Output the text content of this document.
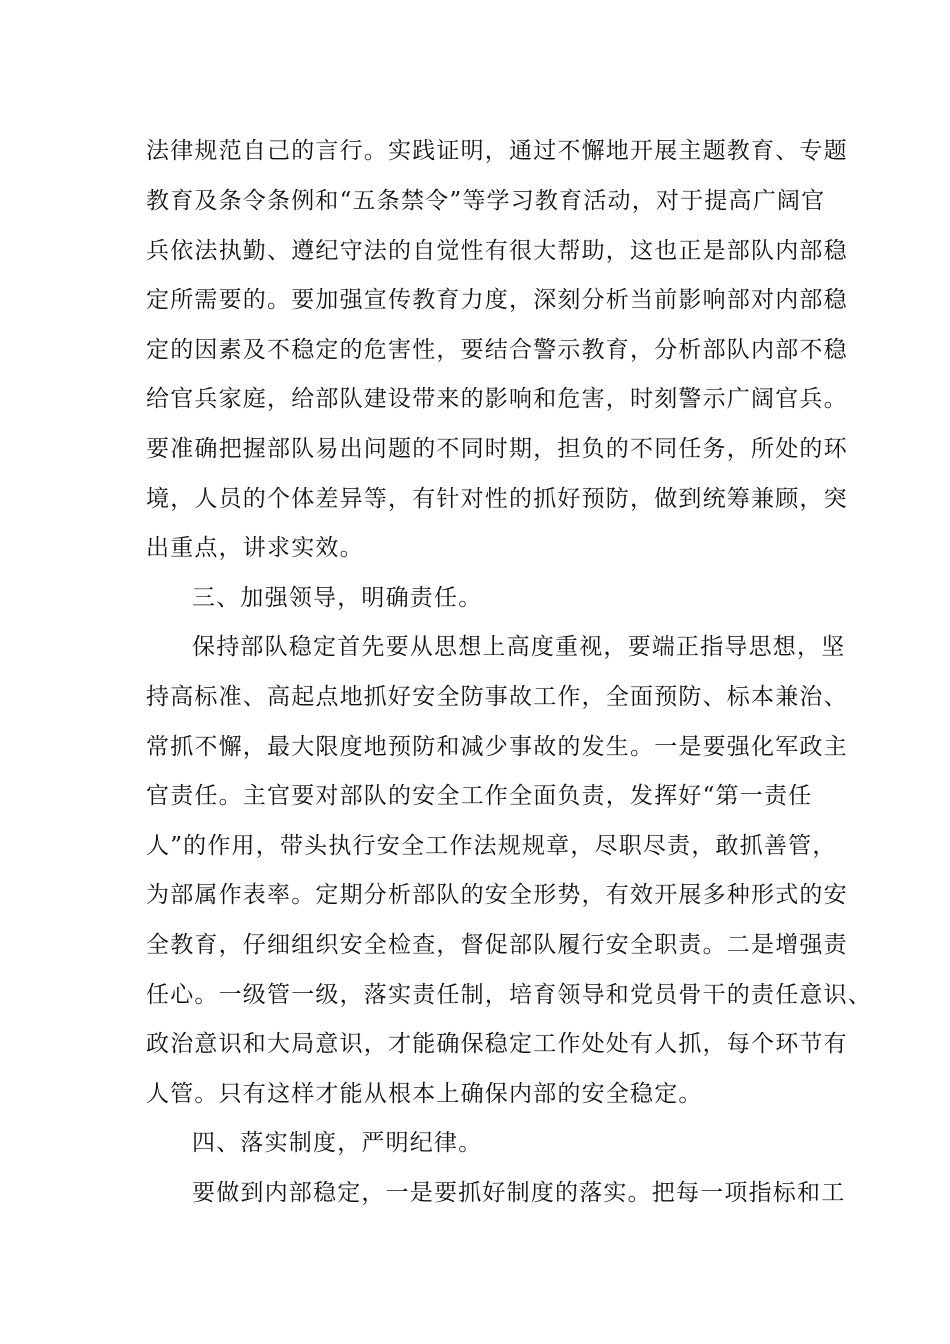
法律规范自己的言行。实践证明，通过不懈地开展主题教育、专题
教育及条令条例和“五条禁令”等学习教育活动，对于提高广阔官
兵依法执勤、遵纪守法的自觉性有很大帮助，这也正是部队内部稳
定所需要的。要加强宣传教育力度，深刻分析当前影响部对内部稳
定的因素及不稳定的危害性，要结合警示教育，分析部队内部不稳
给官兵家庭，给部队建设带来的影响和危害，时刻警示广阔官兵。
要准确把握部队易出问题的不同时期，担负的不同任务，所处的环
境，人员的个体差异等，有针对性的抓好预防，做到统筹兼顾，突
出重点，讲求实效。
三、加强领导，明确责任。
保持部队稳定首先要从思想上高度重视，要端正指导思想，坚
持高标准、高起点地抓好安全防事故工作，全面预防、标本兼治、
常抓不懈，最大限度地预防和减少事故的发生。一是要强化军政主
官责任。主官要对部队的安全工作全面负责，发挥好“第一责任
人”的作用，带头执行安全工作法规规章，尽职尽责，敢抓善管，
为部属作表率。定期分析部队的安全形势，有效开展多种形式的安
全教育，仔细组织安全检查，督促部队履行安全职责。二是增强责
任心。一级管一级，落实责任制，培育领导和党员骨干的责任意识、
政治意识和大局意识，才能确保稳定工作处处有人抓，每个环节有
人管。只有这样才能从根本上确保内部的安全稳定。
四、落实制度，严明纪律。
要做到内部稳定，一是要抓好制度的落实。把每一项指标和工
